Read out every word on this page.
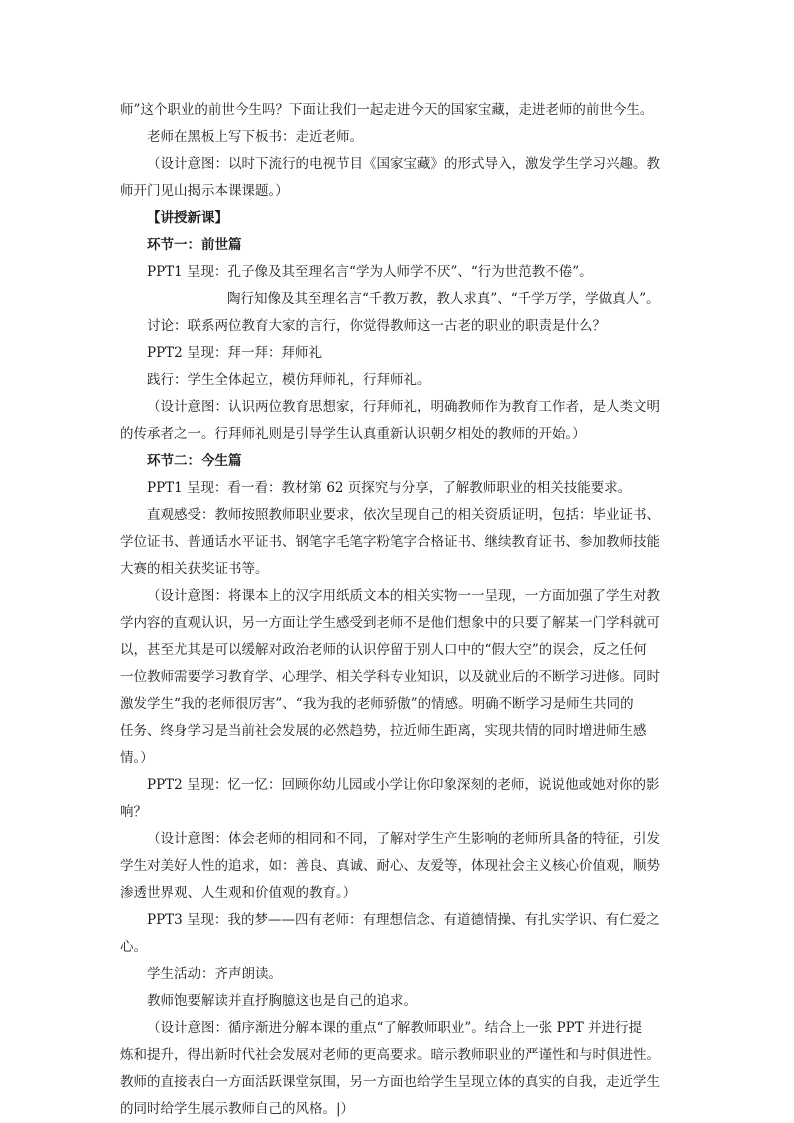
师”这个职业的前世今生吗？下面让我们一起走进今天的国家宝藏，走进老师的前世今生。
老师在黑板上写下板书：走近老师。
（设计意图：以时下流行的电视节目《国家宝藏》的形式导入，激发学生学习兴趣。教
师开门见山揭示本课课题。）
【讲授新课】
环节一：前世篇
PPT1 呈现：孔子像及其至理名言“学为人师学不厌”、“行为世范教不倦”。
陶行知像及其至理名言“千教万教，教人求真”、“千学万学，学做真人”。
讨论：联系两位教育大家的言行，你觉得教师这一古老的职业的职责是什么？
PPT2 呈现：拜一拜：拜师礼
践行：学生全体起立，模仿拜师礼，行拜师礼。
（设计意图：认识两位教育思想家，行拜师礼，明确教师作为教育工作者，是人类文明
的传承者之一。行拜师礼则是引导学生认真重新认识朝夕相处的教师的开始。）
环节二：今生篇
PPT1 呈现：看一看：教材第 62 页探究与分享，了解教师职业的相关技能要求。
直观感受：教师按照教师职业要求，依次呈现自己的相关资质证明，包括：毕业证书、
学位证书、普通话水平证书、钢笔字毛笔字粉笔字合格证书、继续教育证书、参加教师技能
大赛的相关获奖证书等。
（设计意图：将课本上的汉字用纸质文本的相关实物一一呈现，一方面加强了学生对教
学内容的直观认识，另一方面让学生感受到老师不是他们想象中的只要了解某一门学科就可
以，甚至尤其是可以缓解对政治老师的认识停留于别人口中的“假大空”的误会，反之任何
一位教师需要学习教育学、心理学、相关学科专业知识，以及就业后的不断学习进修。同时
激发学生“我的老师很厉害”、“我为我的老师骄傲”的情感。明确不断学习是师生共同的
任务、终身学习是当前社会发展的必然趋势，拉近师生距离，实现共情的同时增进师生感
情。）
PPT2 呈现：忆一忆：回顾你幼儿园或小学让你印象深刻的老师，说说他或她对你的影
响？
（设计意图：体会老师的相同和不同，了解对学生产生影响的老师所具备的特征，引发
学生对美好人性的追求，如：善良、真诚、耐心、友爱等，体现社会主义核心价值观，顺势
渗透世界观、人生观和价值观的教育。）
PPT3 呈现：我的梦——四有老师：有理想信念、有道德情操、有扎实学识、有仁爱之
心。
学生活动：齐声朗读。
教师饱要解读并直抒胸臆这也是自己的追求。
（设计意图：循序渐进分解本课的重点“了解教师职业”。结合上一张 PPT 并进行提
炼和提升，得出新时代社会发展对老师的更高要求。暗示教师职业的严谨性和与时俱进性。
教师的直接表白一方面活跃课堂氛围，另一方面也给学生呈现立体的真实的自我，走近学生
的同时给学生展示教师自己的风格。|）
